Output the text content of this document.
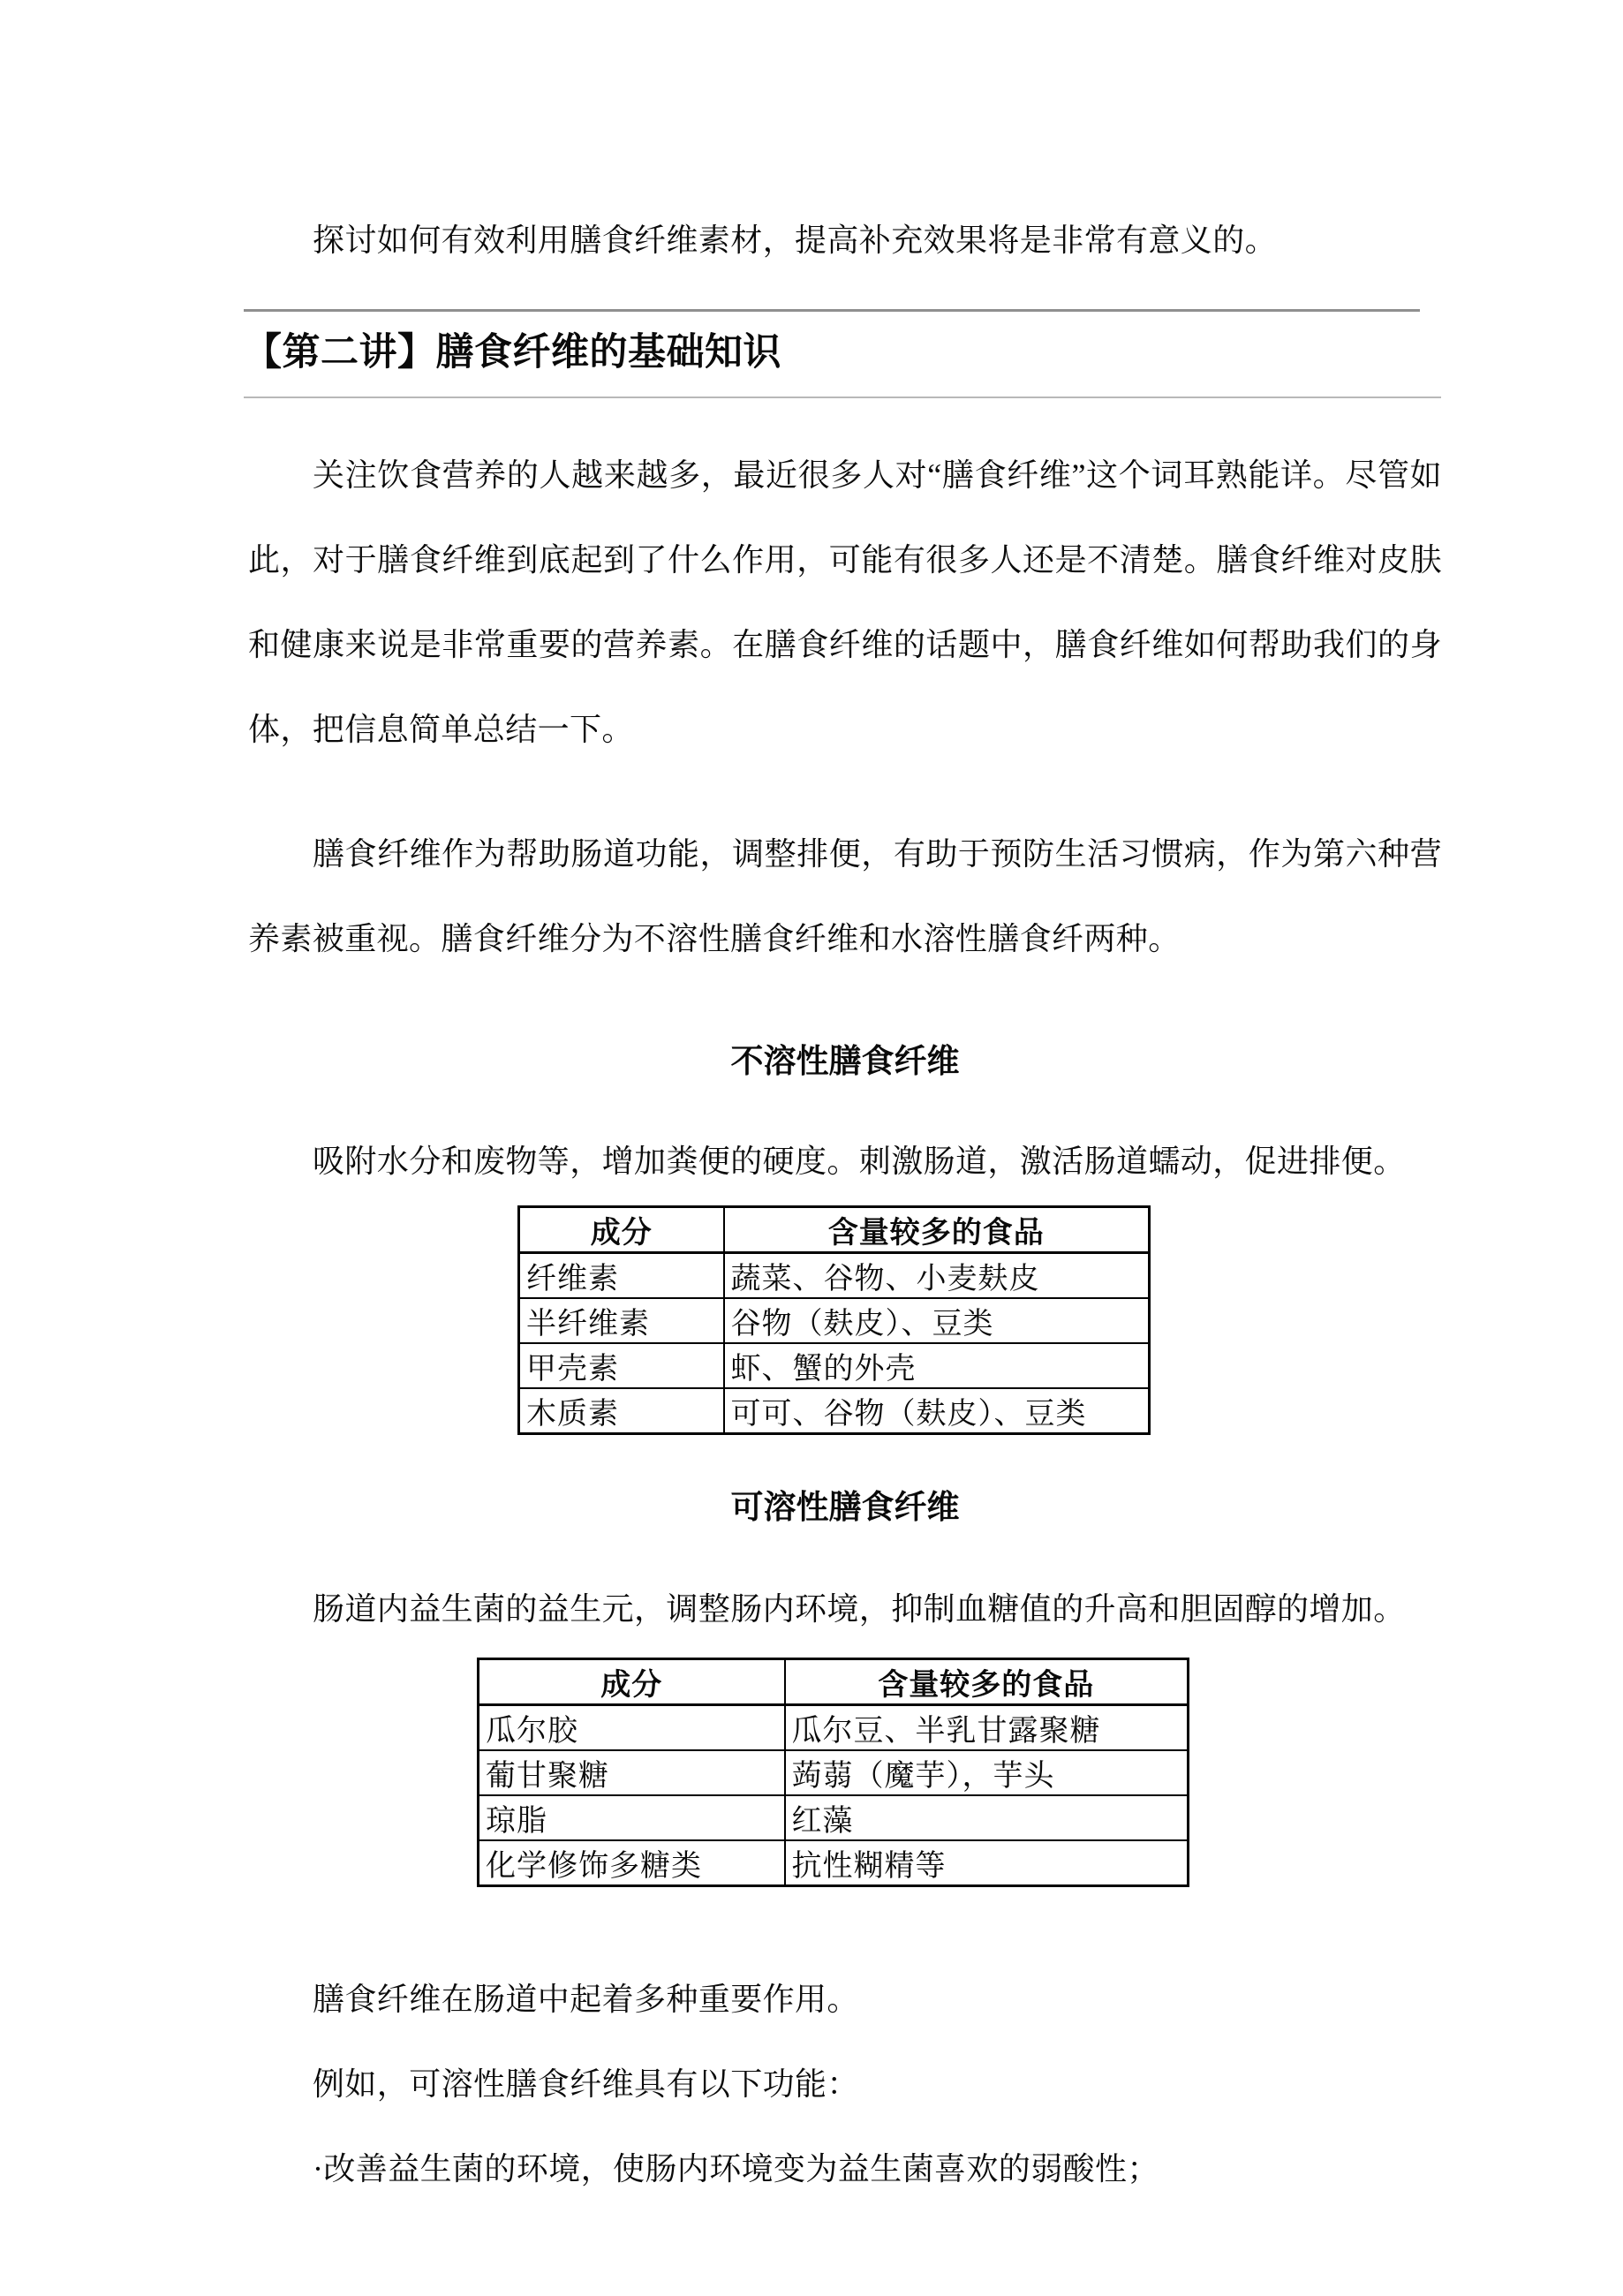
探讨如何有效利用膳食纤维素材，提高补充效果将是非常有意义的。

【第二讲】膳食纤维的基础知识

关注饮食营养的人越来越多，最近很多人对“膳食纤维”这个词耳熟能详。尽管如此，对于膳食纤维到底起到了什么作用，可能有很多人还是不清楚。膳食纤维对皮肤和健康来说是非常重要的营养素。在膳食纤维的话题中，膳食纤维如何帮助我们的身体，把信息简单总结一下。

膳食纤维作为帮助肠道功能，调整排便，有助于预防生活习惯病，作为第六种营养素被重视。膳食纤维分为不溶性膳食纤维和水溶性膳食纤两种。

不溶性膳食纤维

吸附水分和废物等，增加粪便的硬度。刺激肠道，激活肠道蠕动，促进排便。

成分	含量较多的食品
纤维素	蔬菜、谷物、小麦麸皮
半纤维素	谷物（麸皮）、豆类
甲壳素	虾、蟹的外壳
木质素	可可、谷物（麸皮）、豆类
可溶性膳食纤维

肠道内益生菌的益生元，调整肠内环境，抑制血糖值的升高和胆固醇的增加。

成分	含量较多的食品
瓜尔胶	瓜尔豆、半乳甘露聚糖
葡甘聚糖	蒟蒻（魔芋），芋头
琼脂	红藻
化学修饰多糖类	抗性糊精等

膳食纤维在肠道中起着多种重要作用。

例如，可溶性膳食纤维具有以下功能：

·改善益生菌的环境，使肠内环境变为益生菌喜欢的弱酸性；
